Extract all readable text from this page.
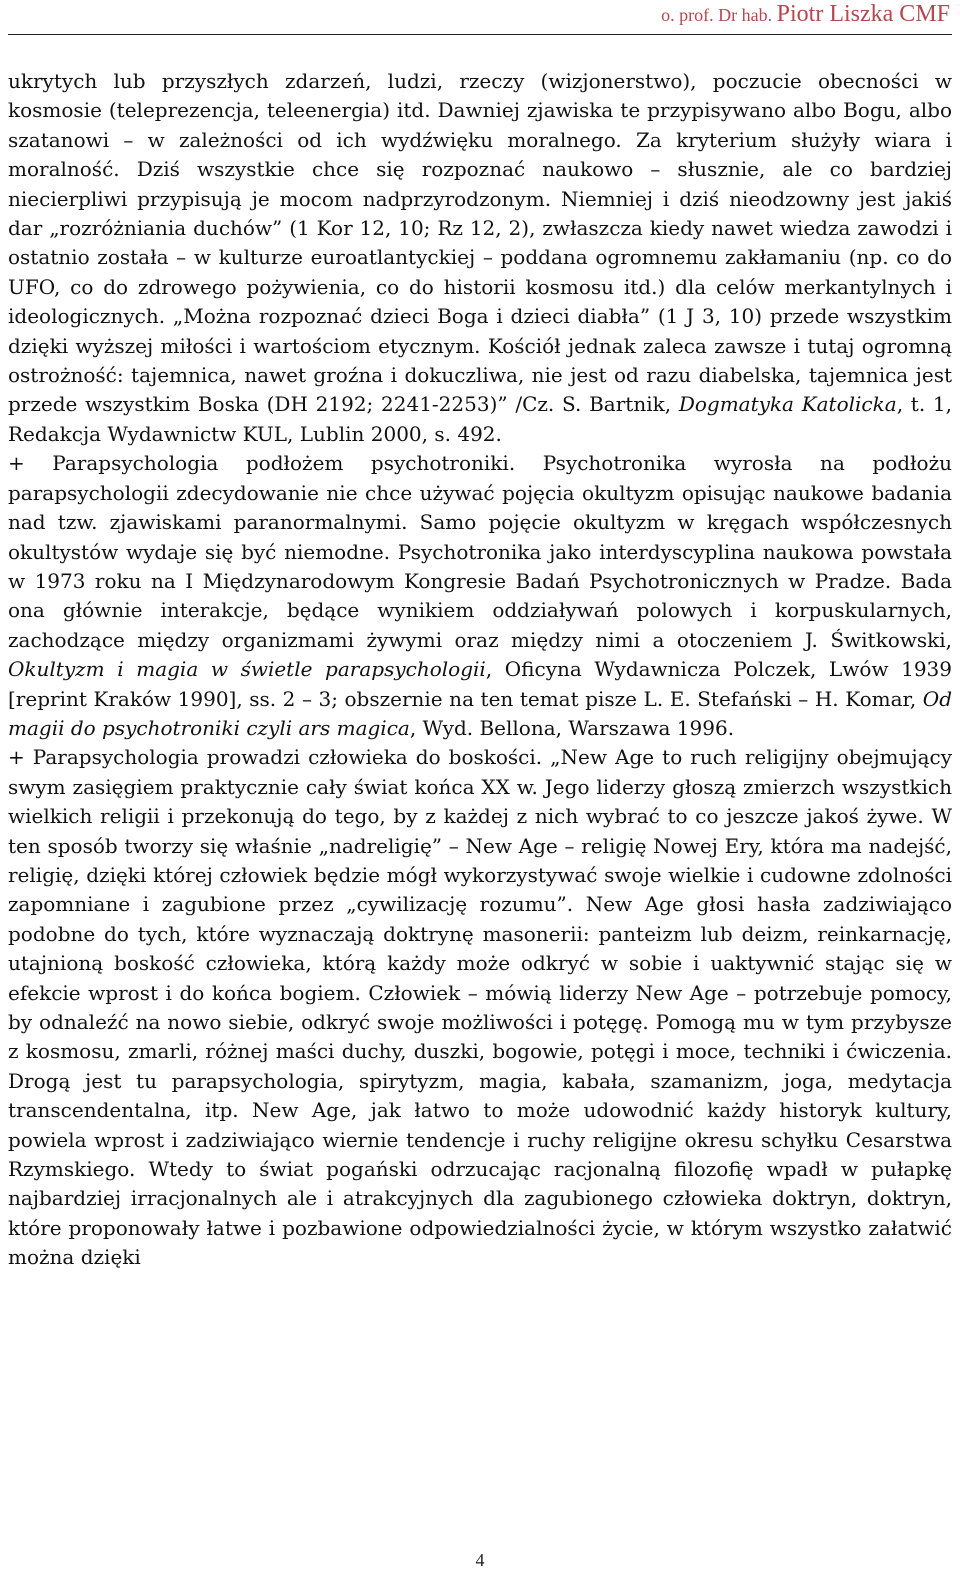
o. prof. Dr hab. Piotr Liszka CMF

ukrytych lub przyszłych zdarzeń, ludzi, rzeczy (wizjonerstwo), poczucie obecności w kosmosie (teleprezencja, teleenergia) itd. Dawniej zjawiska te przypisywano albo Bogu, albo szatanowi – w zależności od ich wydźwięku moralnego. Za kryterium służyły wiara i moralność. Dziś wszystkie chce się rozpoznać naukowo – słusznie, ale co bardziej niecierpliwi przypisują je mocom nadprzyrodzonym. Niemniej i dziś nieodzowny jest jakiś dar „rozróżniania duchów” (1 Kor 12, 10; Rz 12, 2), zwłaszcza kiedy nawet wiedza zawodzi i ostatnio została – w kulturze euroatlantyckiej – poddana ogromnemu zakłamaniu (np. co do UFO, co do zdrowego pożywienia, co do historii kosmosu itd.) dla celów merkantylnych i ideologicznych. „Można rozpoznać dzieci Boga i dzieci diabła” (1 J 3, 10) przede wszystkim dzięki wyższej miłości i wartościom etycznym. Kościół jednak zaleca zawsze i tutaj ogromną ostrożność: tajemnica, nawet groźna i dokuczliwa, nie jest od razu diabelska, tajemnica jest przede wszystkim Boska (DH 2192; 2241-2253)” /Cz. S. Bartnik, Dogmatyka Katolicka, t. 1, Redakcja Wydawnictw KUL, Lublin 2000, s. 492.

+ Parapsychologia podłożem psychotroniki. Psychotronika wyrosła na podłożu parapsychologii zdecydowanie nie chce używać pojęcia okultyzm opisując naukowe badania nad tzw. zjawiskami paranormalnymi. Samo pojęcie okultyzm w kręgach współczesnych okultystów wydaje się być niemodne. Psychotronika jako interdyscyplina naukowa powstała w 1973 roku na I Międzynarodowym Kongresie Badań Psychotronicznych w Pradze. Bada ona głównie interakcje, będące wynikiem oddziaływań polowych i korpuskularnych, zachodzące między organizmami żywymi oraz między nimi a otoczeniem J. Świtkowski, Okultyzm i magia w świetle parapsychologii, Oficyna Wydawnicza Polczek, Lwów 1939 [reprint Kraków 1990], ss. 2 – 3; obszernie na ten temat pisze L. E. Stefański – H. Komar, Od magii do psychotroniki czyli ars magica, Wyd. Bellona, Warszawa 1996.

+ Parapsychologia prowadzi człowieka do boskości. „New Age to ruch religijny obejmujący swym zasięgiem praktycznie cały świat końca XX w. Jego liderzy głoszą zmierzch wszystkich wielkich religii i przekonują do tego, by z każdej z nich wybrać to co jeszcze jakoś żywe. W ten sposób tworzy się właśnie „nadreligię” – New Age – religię Nowej Ery, która ma nadejść, religię, dzięki której człowiek będzie mógł wykorzystywać swoje wielkie i cudowne zdolności zapomniane i zagubione przez „cywilizację rozumu”. New Age głosi hasła zadziwiająco podobne do tych, które wyznaczają doktrynę masonerii: panteizm lub deizm, reinkarnację, utajnioną boskość człowieka, którą każdy może odkryć w sobie i uaktywnić stając się w efekcie wprost i do końca bogiem. Człowiek – mówią liderzy New Age – potrzebuje pomocy, by odnaleźć na nowo siebie, odkryć swoje możliwości i potęgę. Pomogą mu w tym przybysze z kosmosu, zmarli, różnej maści duchy, duszki, bogowie, potęgi i moce, techniki i ćwiczenia. Drogą jest tu parapsychologia, spirytyzm, magia, kabała, szamanizm, joga, medytacja transcendentalna, itp. New Age, jak łatwo to może udowodnić każdy historyk kultury, powiela wprost i zadziwiająco wiernie tendencje i ruchy religijne okresu schyłku Cesarstwa Rzymskiego. Wtedy to świat pogański odrzucając racjonalną filozofię wpadł w pułapkę najbardziej irracjonalnych ale i atrakcyjnych dla zagubionego człowieka doktryn, doktryn, które proponowały łatwe i pozbawione odpowiedzialności życie, w którym wszystko załatwić można dzięki

4
